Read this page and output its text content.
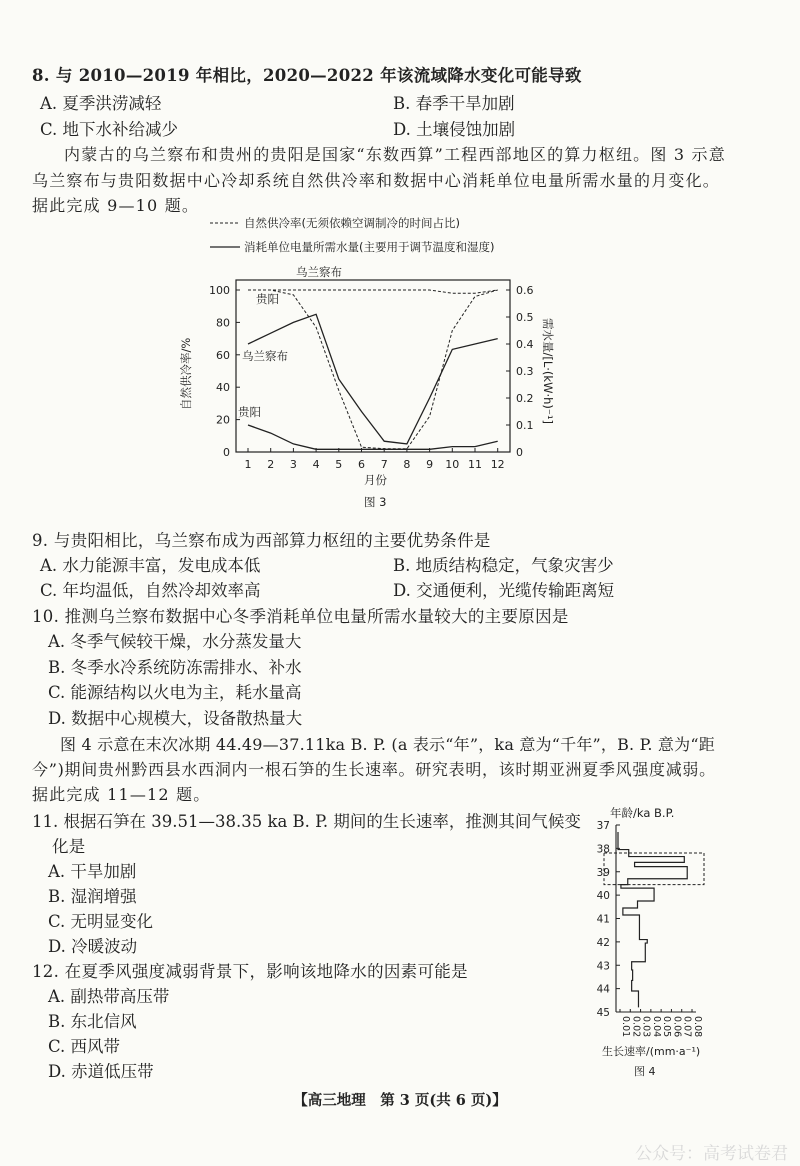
8. 与 2010—2019 年相比，2020—2022 年该流域降水变化可能导致
A. 夏季洪涝减轻	B. 春季干旱加剧
C. 地下水补给减少	D. 土壤侵蚀加剧
内蒙古的乌兰察布和贵州的贵阳是国家“东数西算”工程西部地区的算力枢纽。图 3 示意
乌兰察布与贵阳数据中心冷却系统自然供冷率和数据中心消耗单位电量所需水量的月变化。
据此完成 9—10 题。
自然供冷率(无须依赖空调制冷的时间占比)
消耗单位电量所需水量(主要用于调节温度和湿度)
0
20
40
60
80
100
0
0.1
0.2
0.3
0.4
0.5
0.6
1 2 3 4 5 6 7 8 9 10 11 12
自然供冷率/%	需水量/[L·(kW·h)⁻¹]
月份
乌兰察布
贵阳
乌兰察布
贵阳
图 3
9. 与贵阳相比，乌兰察布成为西部算力枢纽的主要优势条件是
A. 水力能源丰富，发电成本低	B. 地质结构稳定，气象灾害少
C. 年均温低，自然冷却效率高	D. 交通便利，光缆传输距离短
10. 推测乌兰察布数据中心冬季消耗单位电量所需水量较大的主要原因是
A. 冬季气候较干燥，水分蒸发量大
B. 冬季水冷系统防冻需排水、补水
C. 能源结构以火电为主，耗水量高
D. 数据中心规模大，设备散热量大
图 4 示意在末次冰期 44.49—37.11ka B. P. (a 表示“年”，ka 意为“千年”，B. P. 意为“距
今”)期间贵州黔西县水西洞内一根石笋的生长速率。研究表明，该时期亚洲夏季风强度减弱。
据此完成 11—12 题。
11. 根据石笋在 39.51—38.35 ka B. P. 期间的生长速率，推测其间气候变
化是
A. 干旱加剧
B. 湿润增强
C. 无明显变化
D. 冷暖波动
12. 在夏季风强度减弱背景下，影响该地降水的因素可能是
A. 副热带高压带
B. 东北信风
C. 西风带
D. 赤道低压带
年龄/ka B.P.
37
38
39
40
41
42
43
44
45
0.01 0.02 0.03 0.04 0.05 0.06 0.07 0.08
生长速率/(mm·a⁻¹)
图 4
【高三地理　第 3 页(共 6 页)】
公众号：高考试卷君
